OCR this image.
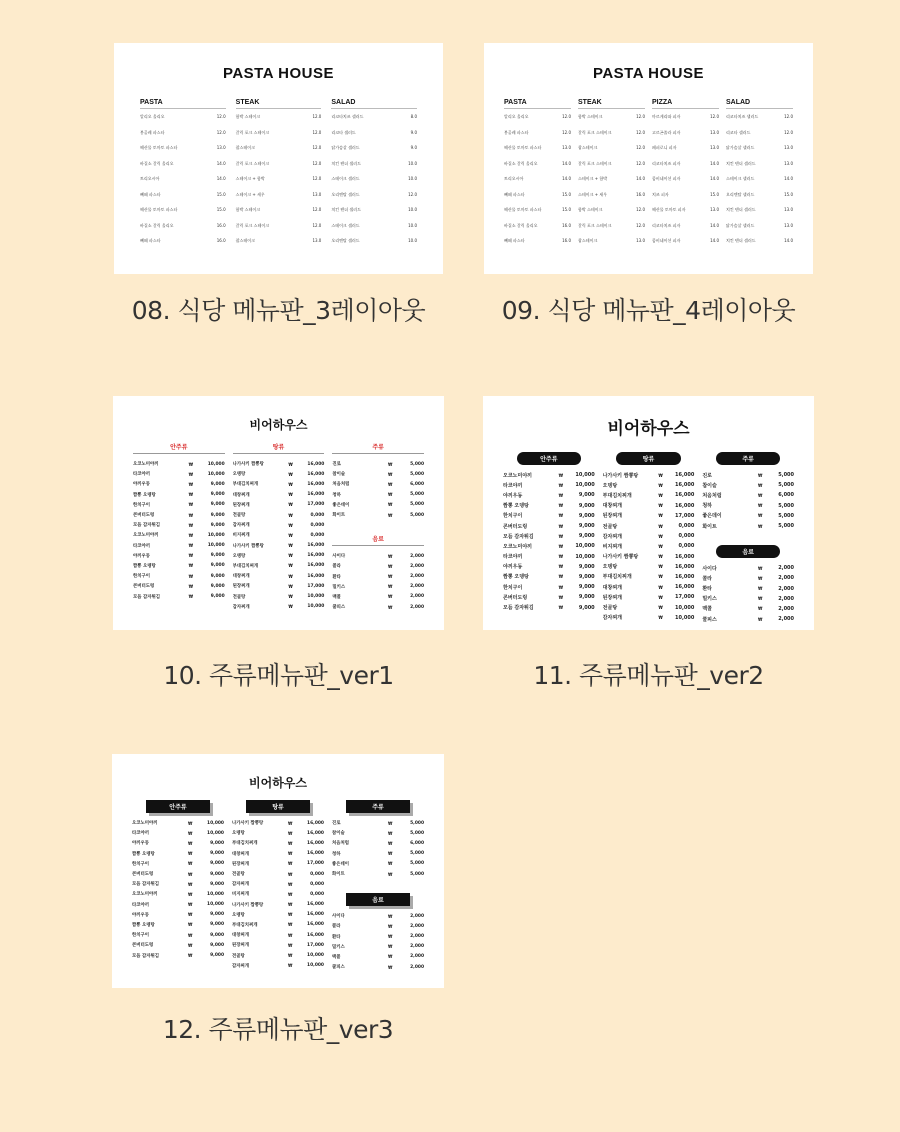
PASTA HOUSE
PASTA
알리오 올리오	12.0
봉골레 파스타	12.0
해산물 토마토 파스타	13.0
바질소 갈릭 올리오	14.0
트리오시아	14.0
뻬떼 파스타	15.0
해산물 토마토 파스타	15.0
바질소 갈릭 올리오	16.0
뻬떼 파스타	16.0
STEAK
함박 스테이크	12.0
갈릭 포크 스테이크	12.0
찹스테이크	12.0
갈릭 포크 스테이크	12.0
스테이크 + 함박	12.0
스테이크 + 새우	13.0
함박 스테이크	12.0
갈릭 포크 스테이크	12.0
찹스테이크	13.0
SALAD
리코타치즈 샐러드	8.0
리코타 샐러드	9.0
닭가슴살 샐러드	9.0
치킨 텐더 샐러드	10.0
스테이크 샐러드	10.0
오리엔탈 샐러드	12.0
치킨 텐더 샐러드	10.0
스테이크 샐러드	10.0
오리엔탈 샐러드	10.0
08. 식당 메뉴판_3레이아웃
PASTA HOUSE
PASTA
알리오 올리오	12.0
봉골레 파스타	12.0
해산물 토마토 파스타	13.0
바질소 갈릭 올리오	14.0
트리오시아	14.0
뻬떼 파스타	15.0
해산물 토마토 파스타	15.0
바질소 갈릭 올리오	16.0
뻬떼 파스타	16.0
STEAK
함박 스테이크	12.0
갈릭 포크 스테이크	12.0
찹스테이크	12.0
갈릭 포크 스테이크	12.0
스테이크 + 함박	14.0
스테이크 + 새우	16.0
함박 스테이크	12.0
갈릭 포크 스테이크	12.0
찹스테이크	13.0
PIZZA
마르게리따 피자	12.0
고르곤졸라 피자	13.0
페퍼로니 피자	13.0
리코타치즈 피자	14.0
콤비네이션 피자	14.0
치즈 피자	15.0
해산물 토마토 피자	13.0
리코타치즈 피자	14.0
콤비네이션 피자	14.0
SALAD
리코타치즈 샐러드	12.0
리코타 샐러드	12.0
닭가슴살 샐러드	13.0
치킨 텐더 샐러드	13.0
스테이크 샐러드	14.0
오리엔탈 샐러드	15.0
치킨 텐더 샐러드	13.0
닭가슴살 샐러드	13.0
치킨 텐더 샐러드	14.0
09. 식당 메뉴판_4레이아웃
비어하우스
안주류
오코노미야끼	₩	10,000
타코야끼	₩	10,000
야끼우동	₩	9,000
짬뽕 오뎅탕	₩	9,000
한치구이	₩	9,000
콘버터도렁	₩	9,000
모듬 감자튀김	₩	9,000
오코노미야끼	₩	10,000
타코야끼	₩	10,000
야끼우동	₩	9,000
짬뽕 오뎅탕	₩	9,000
한치구이	₩	9,000
콘버터도렁	₩	9,000
모듬 감자튀김	₩	9,000
탕류
나가사키 짬뽕탕	₩	16,000
오뎅탕	₩	16,000
부대김치찌개	₩	16,000
대창찌개	₩	16,000
된장찌개	₩	17,000
전골탕	₩	0,000
감자찌개	₩	0,000
비지찌개	₩	0,000
나가사키 짬뽕탕	₩	16,000
오뎅탕	₩	16,000
부대김치찌개	₩	16,000
대창찌개	₩	16,000
된장찌개	₩	17,000
전골탕	₩	10,000
감자찌개	₩	10,000
주류
진로	₩	5,000
참이슬	₩	5,000
처음처럼	₩	6,000
청하	₩	5,000
좋은데이	₩	5,000
화이트	₩	5,000
음료
사이다	₩	2,000
콜라	₩	2,000
환타	₩	2,000
밀키스	₩	2,000
맥콜	₩	2,000
쿨피스	₩	2,000
10. 주류메뉴판_ver1
비어하우스
안주류
오코노미야끼	₩	10,000
타코야끼	₩	10,000
야끼우동	₩	9,000
짬뽕 오뎅탕	₩	9,000
한치구이	₩	9,000
콘버터도렁	₩	9,000
모듬 감자튀김	₩	9,000
오코노미야끼	₩	10,000
타코야끼	₩	10,000
야끼우동	₩	9,000
짬뽕 오뎅탕	₩	9,000
한치구이	₩	9,000
콘버터도렁	₩	9,000
모듬 감자튀김	₩	9,000
탕류
나가사키 짬뽕탕	₩	16,000
오뎅탕	₩	16,000
부대김치찌개	₩	16,000
대창찌개	₩	16,000
된장찌개	₩	17,000
전골탕	₩	0,000
감자찌개	₩	0,000
비지찌개	₩	0,000
나가사키 짬뽕탕	₩	16,000
오뎅탕	₩	16,000
부대김치찌개	₩	16,000
대창찌개	₩	16,000
된장찌개	₩	17,000
전골탕	₩	10,000
감자찌개	₩	10,000
주류
진로	₩	5,000
참이슬	₩	5,000
처음처럼	₩	6,000
청하	₩	5,000
좋은데이	₩	5,000
화이트	₩	5,000
음료
사이다	₩	2,000
콜라	₩	2,000
환타	₩	2,000
밀키스	₩	2,000
맥콜	₩	2,000
쿨피스	₩	2,000
11. 주류메뉴판_ver2
비어하우스
안주류
오코노미야끼	₩	10,000
타코야끼	₩	10,000
야끼우동	₩	9,000
짬뽕 오뎅탕	₩	9,000
한치구이	₩	9,000
콘버터도렁	₩	9,000
모듬 감자튀김	₩	9,000
오코노미야끼	₩	10,000
타코야끼	₩	10,000
야끼우동	₩	9,000
짬뽕 오뎅탕	₩	9,000
한치구이	₩	9,000
콘버터도렁	₩	9,000
모듬 감자튀김	₩	9,000
탕류
나가사키 짬뽕탕	₩	16,000
오뎅탕	₩	16,000
부대김치찌개	₩	16,000
대창찌개	₩	16,000
된장찌개	₩	17,000
전골탕	₩	0,000
감자찌개	₩	0,000
비지찌개	₩	0,000
나가사키 짬뽕탕	₩	16,000
오뎅탕	₩	16,000
부대김치찌개	₩	16,000
대창찌개	₩	16,000
된장찌개	₩	17,000
전골탕	₩	10,000
감자찌개	₩	10,000
주류
진로	₩	5,000
참이슬	₩	5,000
처음처럼	₩	6,000
청하	₩	5,000
좋은데이	₩	5,000
화이트	₩	5,000
음료
사이다	₩	2,000
콜라	₩	2,000
환타	₩	2,000
밀키스	₩	2,000
맥콜	₩	2,000
쿨피스	₩	2,000
12. 주류메뉴판_ver3
